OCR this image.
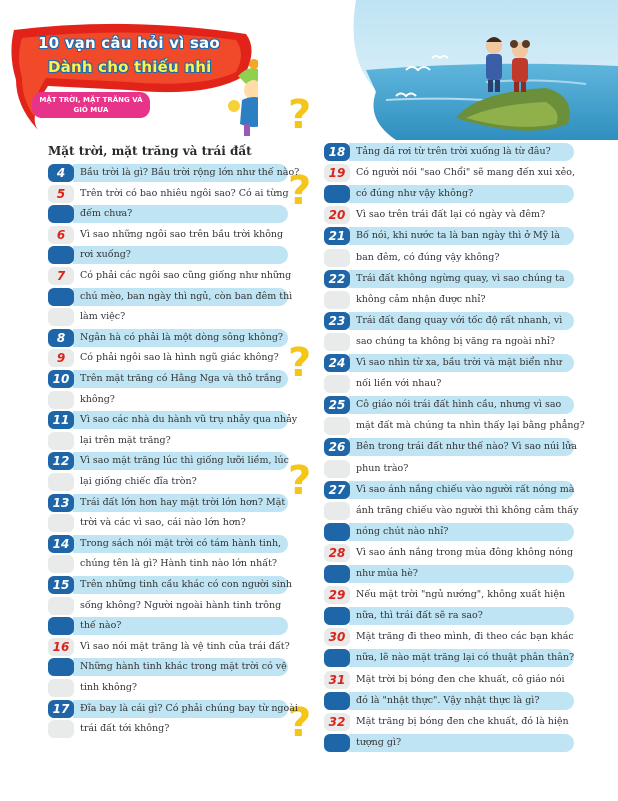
10 vạn câu hỏi vì sao
Dành cho thiếu nhi
MẶT TRỜI, MẶT TRĂNG VÀ GIÓ MƯA	?
?
?
?
?
Mặt trời, mặt trăng và trái đất
4	Bầu trời là gì? Bầu trời rộng lớn như thế nào?
5	Trên trời có bao nhiêu ngôi sao? Có ai từng
đếm chưa?
6	Vì sao những ngôi sao trên bầu trời không
rơi xuống?
7	Có phải các ngôi sao cũng giống như những
chú mèo, ban ngày thì ngủ, còn ban đêm thì
làm việc?
8	Ngân hà có phải là một dòng sông không?
9	Có phải ngôi sao là hình ngũ giác không?
10	Trên mặt trăng có Hằng Nga và thỏ trắng
không?
11	Vì sao các nhà du hành vũ trụ nhảy qua nhảy
lại trên mặt trăng?
12	Vì sao mặt trăng lúc thì giống lưỡi liềm, lúc
lại giống chiếc đĩa tròn?
13	Trái đất lớn hơn hay mặt trời lớn hơn? Mặt
trời và các vì sao, cái nào lớn hơn?
14	Trong sách nói mặt trời có tám hành tinh,
chúng tên là gì? Hành tinh nào lớn nhất?
15	Trên những tinh cầu khác có con người sinh
sống không? Người ngoài hành tinh trông
thế nào?
16	Vì sao nói mặt trăng là vệ tinh của trái đất?
Những hành tinh khác trong mặt trời có vệ
tinh không?
17	Đĩa bay là cái gì? Có phải chúng bay từ ngoài
trái đất tới không?
18	Tảng đá rơi từ trên trời xuống là từ đâu?
19	Có người nói "sao Chổi" sẽ mang đến xui xẻo,
có đúng như vậy không?
20	Vì sao trên trái đất lại có ngày và đêm?
21	Bố nói, khi nước ta là ban ngày thì ở Mỹ là
ban đêm, có đúng vậy không?
22	Trái đất không ngừng quay, vì sao chúng ta
không cảm nhận được nhỉ?
23	Trái đất đang quay với tốc độ rất nhanh, vì
sao chúng ta không bị văng ra ngoài nhỉ?
24	Vì sao nhìn từ xa, bầu trời và mặt biển như
nối liền với nhau?
25	Cô giáo nói trái đất hình cầu, nhưng vì sao
mặt đất mà chúng ta nhìn thấy lại bằng phẳng?
26	Bên trong trái đất như thế nào? Vì sao núi lửa
phun trào?
27	Vì sao ánh nắng chiếu vào người rất nóng mà
ánh trăng chiếu vào người thì không cảm thấy
nóng chút nào nhỉ?
28	Vì sao ánh nắng trong mùa đông không nóng
như mùa hè?
29	Nếu mặt trời "ngủ nướng", không xuất hiện
nữa, thì trái đất sẽ ra sao?
30	Mặt trăng đi theo mình, đi theo các bạn khác
nữa, lẽ nào mặt trăng lại có thuật phân thân?
31	Mặt trời bị bóng đen che khuất, cô giáo nói
đó là "nhật thực". Vậy nhật thực là gì?
32	Mặt trăng bị bóng đen che khuất, đó là hiện
tượng gì?
